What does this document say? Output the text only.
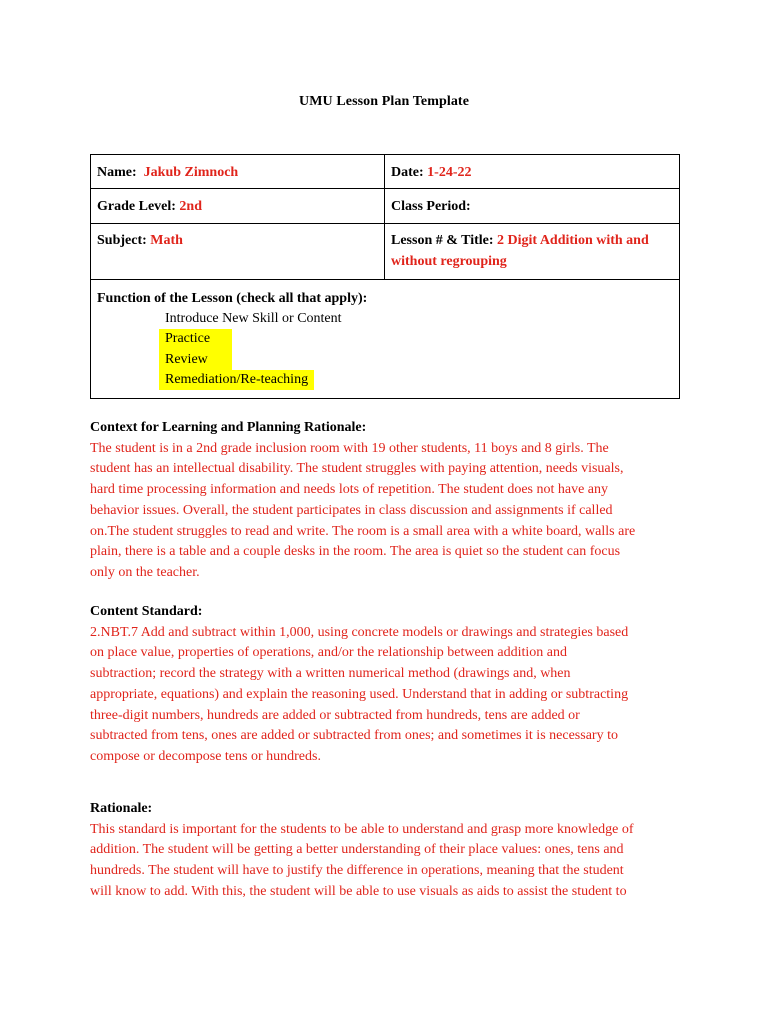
UMU Lesson Plan Template
Name: Jakub Zimnoch	Date: 1-24-22
Grade Level: 2nd	Class Period:
Subject: Math	Lesson # & Title: 2 Digit Addition with and
without regrouping

Function of the Lesson (check all that apply):
Introduce New Skill or Content
Practice
Review
Remediation/Re-teaching	
Context for Learning and Planning Rationale:

The student is in a 2nd grade inclusion room with 19 other students, 11 boys and 8 girls. The
student has an intellectual disability. The student struggles with paying attention, needs visuals,
hard time processing information and needs lots of repetition. The student does not have any
behavior issues. Overall, the student participates in class discussion and assignments if called
on.The student struggles to read and write. The room is a small area with a white board, walls are
plain, there is a table and a couple desks in the room. The area is quiet so the student can focus
only on the teacher.

Content Standard:

2.NBT.7 Add and subtract within 1,000, using concrete models or drawings and strategies based
on place value, properties of operations, and/or the relationship between addition and
subtraction; record the strategy with a written numerical method (drawings and, when
appropriate, equations) and explain the reasoning used. Understand that in adding or subtracting
three-digit numbers, hundreds are added or subtracted from hundreds, tens are added or
subtracted from tens, ones are added or subtracted from ones; and sometimes it is necessary to
compose or decompose tens or hundreds.

Rationale:

This standard is important for the students to be able to understand and grasp more knowledge of
addition. The student will be getting a better understanding of their place values: ones, tens and
hundreds. The student will have to justify the difference in operations, meaning that the student
will know to add. With this, the student will be able to use visuals as aids to assist the student to
